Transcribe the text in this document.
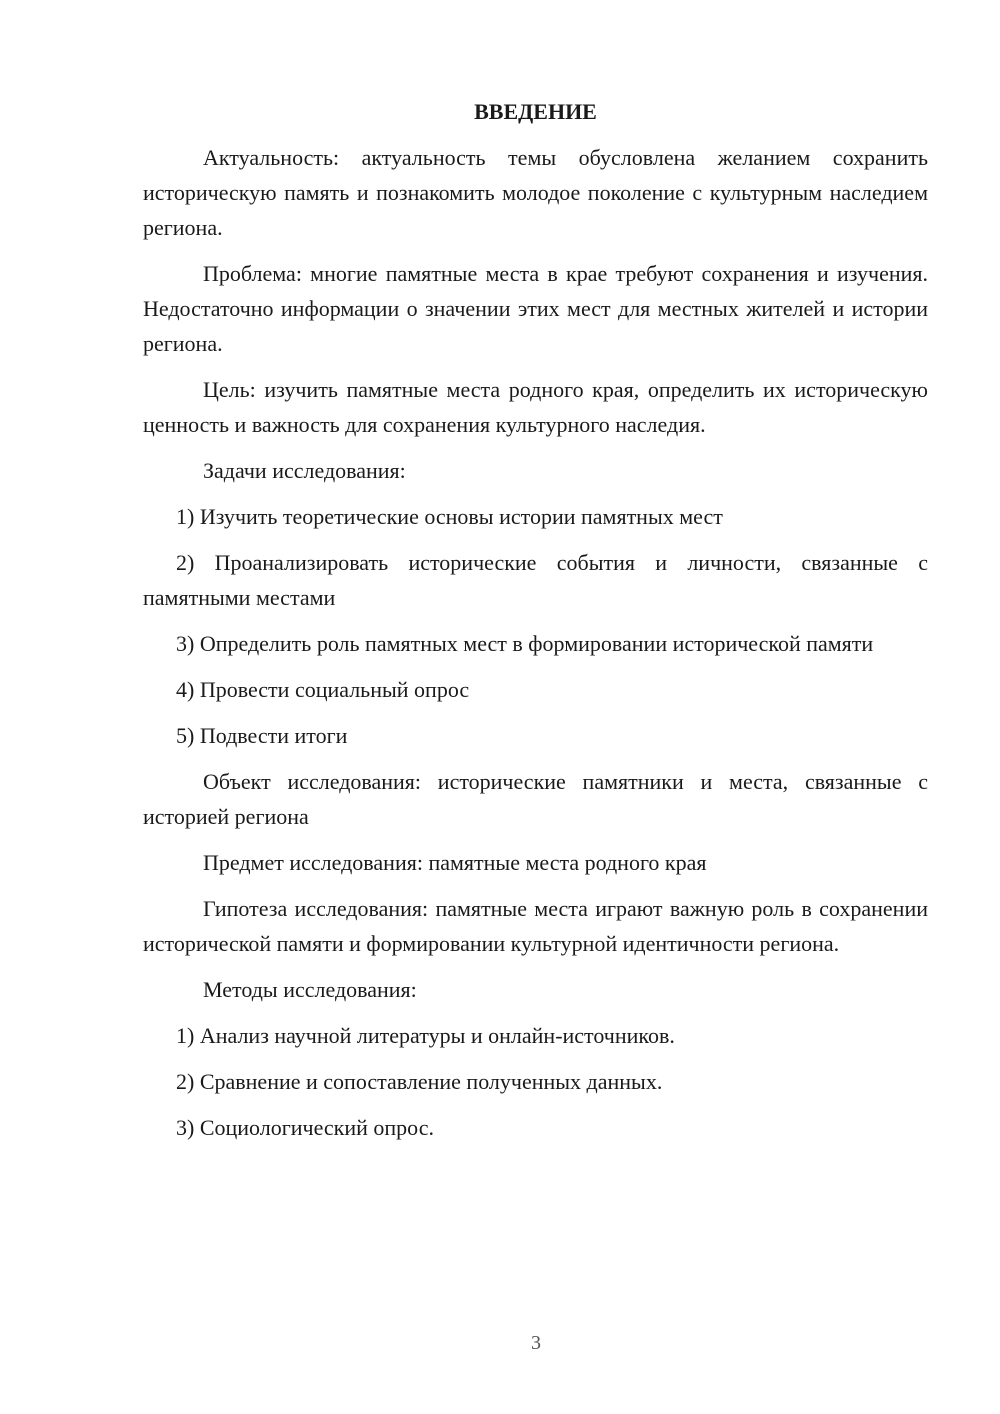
ВВЕДЕНИЕ

Актуальность: актуальность темы обусловлена желанием сохранить историческую память и познакомить молодое поколение с культурным наследием региона.

Проблема: многие памятные места в крае требуют сохранения и изучения. Недостаточно информации о значении этих мест для местных жителей и истории региона.

Цель: изучить памятные места родного края, определить их историческую ценность и важность для сохранения культурного наследия.

Задачи исследования:

1) Изучить теоретические основы истории памятных мест

2) Проанализировать исторические события и личности, связанные с памятными местами

3) Определить роль памятных мест в формировании исторической памяти

4) Провести социальный опрос

5) Подвести итоги

Объект исследования: исторические памятники и места, связанные с историей региона

Предмет исследования: памятные места родного края

Гипотеза исследования: памятные места играют важную роль в сохранении исторической памяти и формировании культурной идентичности региона.

Методы исследования:

1) Анализ научной литературы и онлайн-источников.

2) Сравнение и сопоставление полученных данных.

3) Социологический опрос.

3
